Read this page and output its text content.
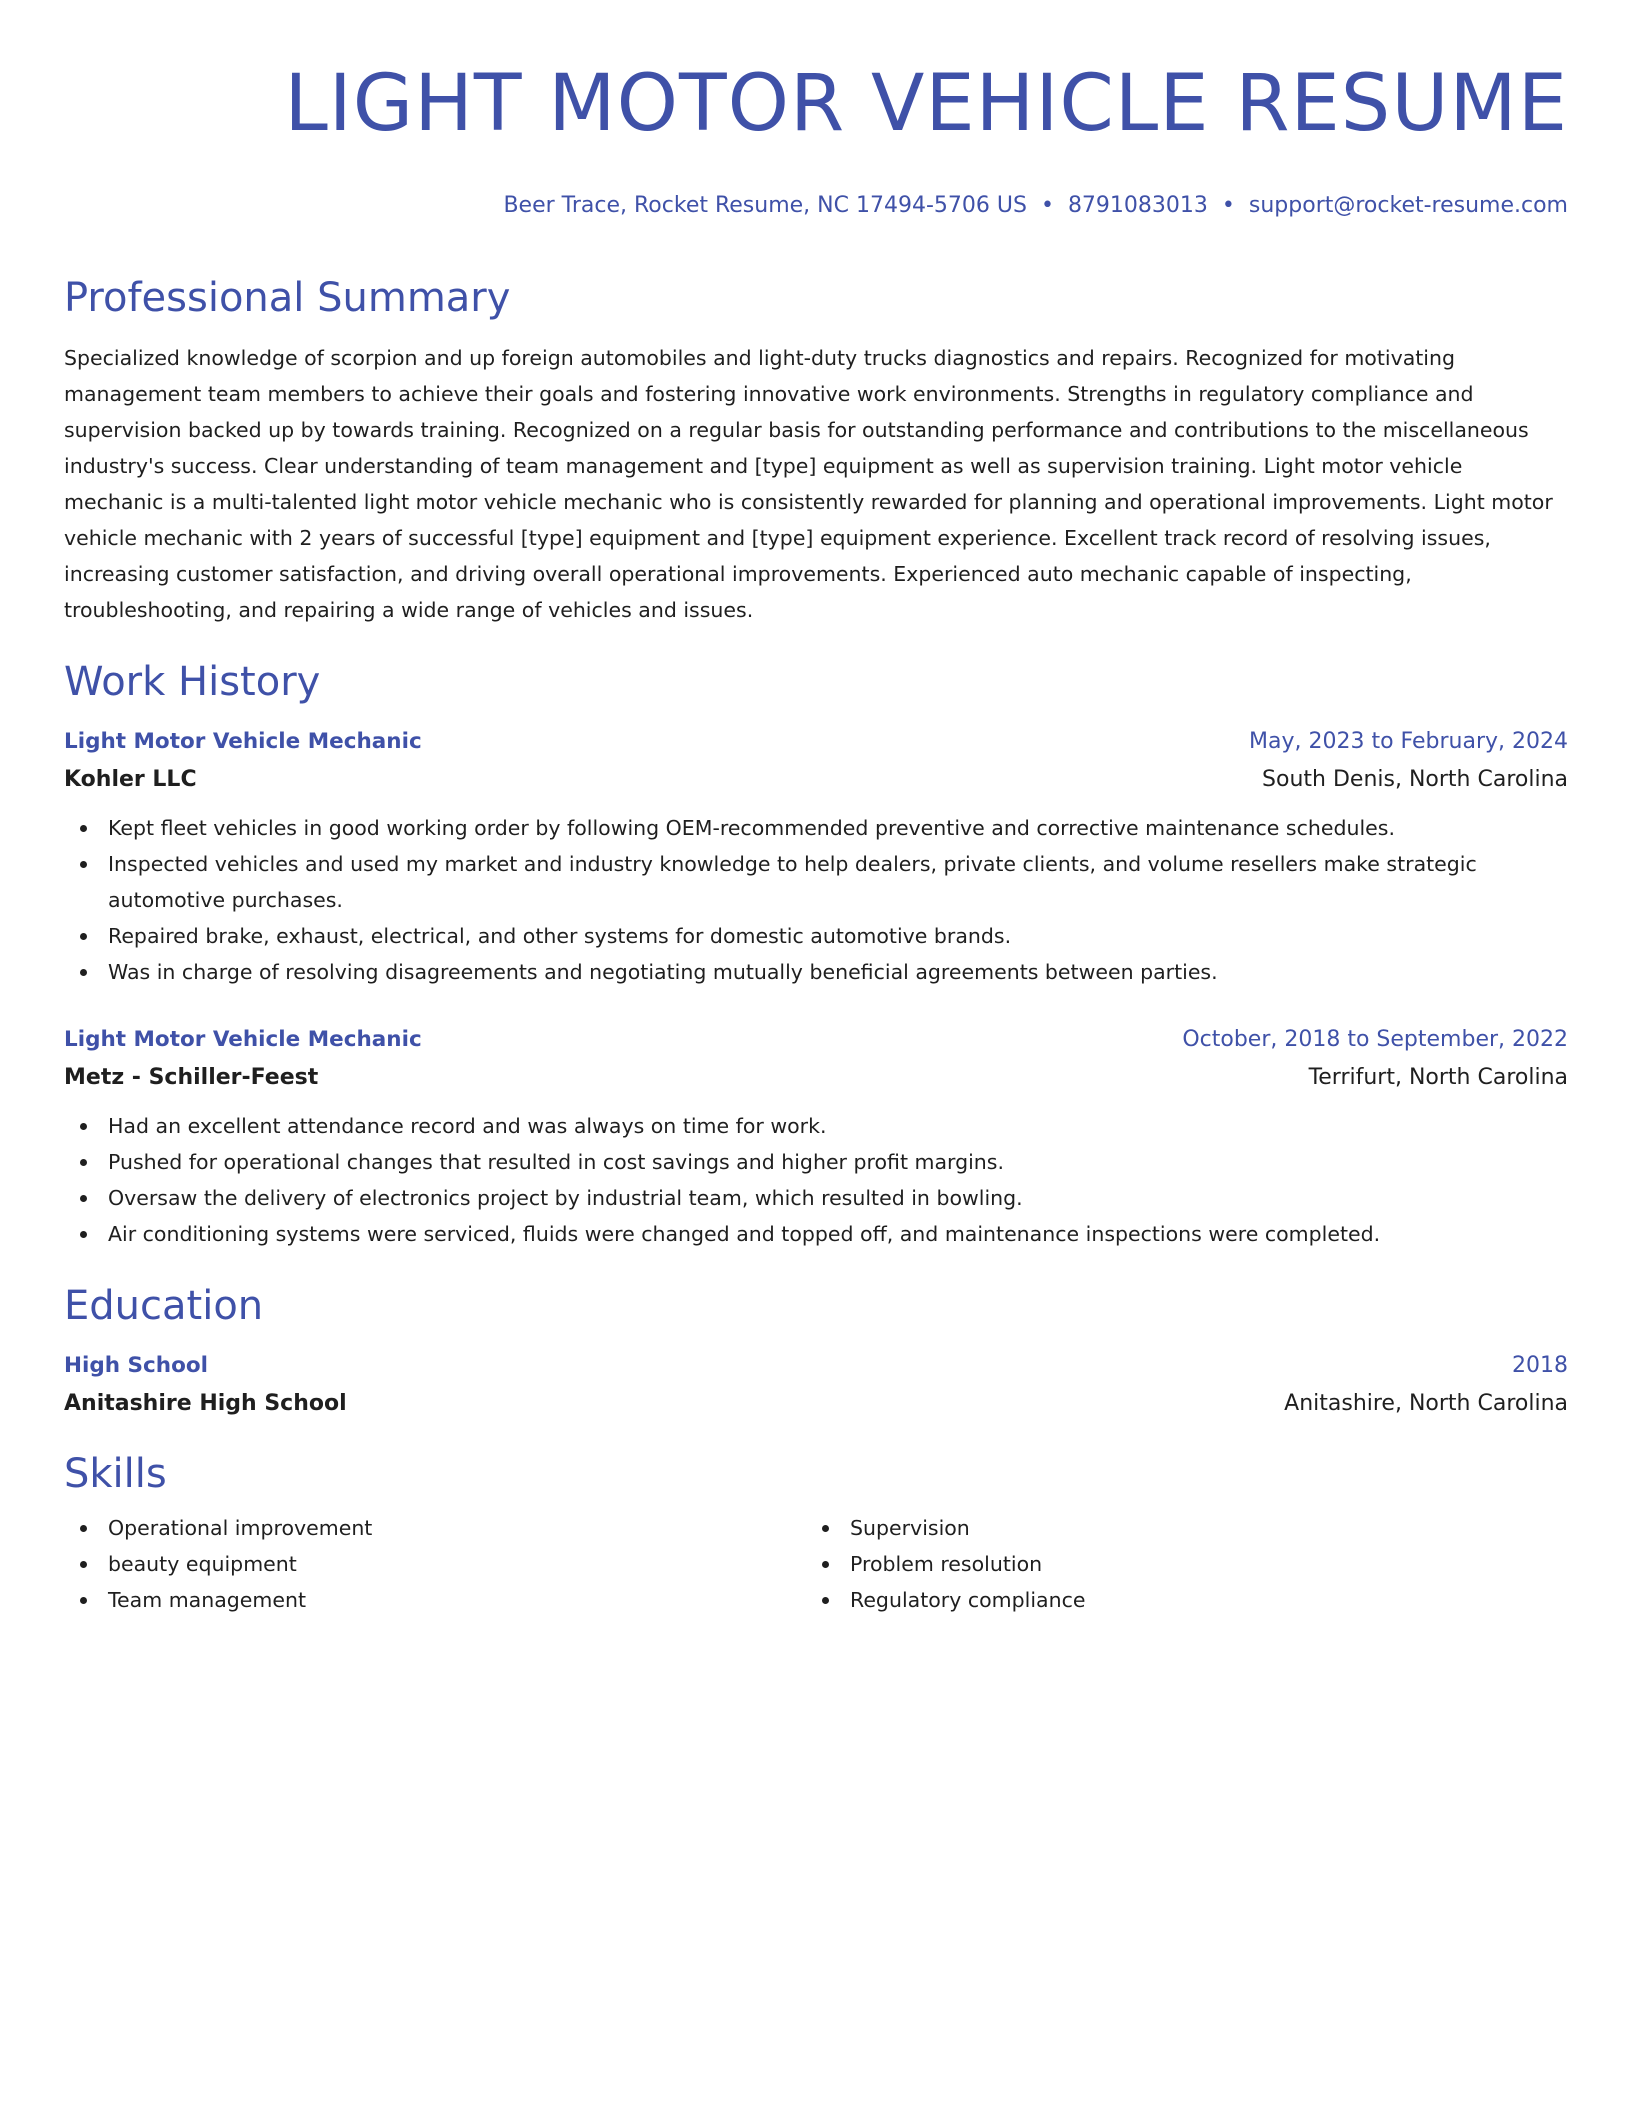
LIGHT MOTOR VEHICLE RESUME
Beer Trace, Rocket Resume, NC 17494-5706 US • 8791083013 • support@rocket-resume.com
Professional Summary
Specialized knowledge of scorpion and up foreign automobiles and light-duty trucks diagnostics and repairs. Recognized for motivating management team members to achieve their goals and fostering innovative work environments. Strengths in regulatory compliance and supervision backed up by towards training. Recognized on a regular basis for outstanding performance and contributions to the miscellaneous industry's success. Clear understanding of team management and [type] equipment as well as supervision training. Light motor vehicle mechanic is a multi-talented light motor vehicle mechanic who is consistently rewarded for planning and operational improvements. Light motor vehicle mechanic with 2 years of successful [type] equipment and [type] equipment experience. Excellent track record of resolving issues, increasing customer satisfaction, and driving overall operational improvements. Experienced auto mechanic capable of inspecting, troubleshooting, and repairing a wide range of vehicles and issues.
Work History
Light Motor Vehicle Mechanic	May, 2023 to February, 2024
Kohler LLC	South Denis, North Carolina
Kept fleet vehicles in good working order by following OEM-recommended preventive and corrective maintenance schedules.
Inspected vehicles and used my market and industry knowledge to help dealers, private clients, and volume resellers make strategic automotive purchases.
Repaired brake, exhaust, electrical, and other systems for domestic automotive brands.
Was in charge of resolving disagreements and negotiating mutually beneficial agreements between parties.
Light Motor Vehicle Mechanic	October, 2018 to September, 2022
Metz - Schiller-Feest	Terrifurt, North Carolina
Had an excellent attendance record and was always on time for work.
Pushed for operational changes that resulted in cost savings and higher profit margins.
Oversaw the delivery of electronics project by industrial team, which resulted in bowling.
Air conditioning systems were serviced, fluids were changed and topped off, and maintenance inspections were completed.
Education
High School	2018
Anitashire High School	Anitashire, North Carolina
Skills
Operational improvement
beauty equipment
Team management
Supervision
Problem resolution
Regulatory compliance
